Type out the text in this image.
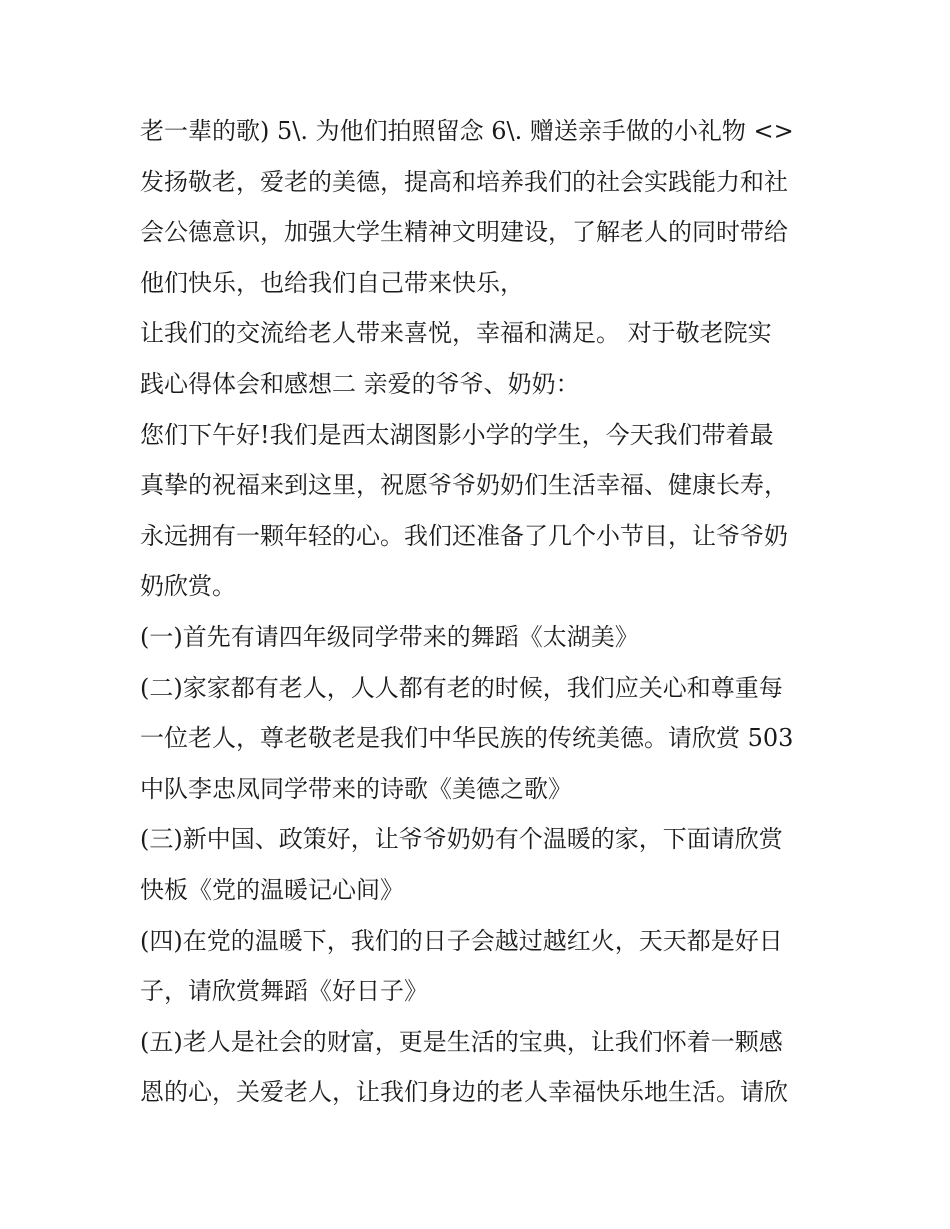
老一辈的歌) 5\. 为他们拍照留念 6\. 赠送亲手做的小礼物 <>
发扬敬老，爱老的美德，提高和培养我们的社会实践能力和社
会公德意识，加强大学生精神文明建设，了解老人的同时带给
他们快乐，也给我们自己带来快乐，
让我们的交流给老人带来喜悦，幸福和满足。 对于敬老院实
践心得体会和感想二 亲爱的爷爷、奶奶：
您们下午好!我们是西太湖图影小学的学生，今天我们带着最
真挚的祝福来到这里，祝愿爷爷奶奶们生活幸福、健康长寿，
永远拥有一颗年轻的心。我们还准备了几个小节目，让爷爷奶
奶欣赏。
(一)首先有请四年级同学带来的舞蹈《太湖美》
(二)家家都有老人，人人都有老的时候，我们应关心和尊重每
一位老人，尊老敬老是我们中华民族的传统美德。请欣赏 503
中队李忠凤同学带来的诗歌《美德之歌》
(三)新中国、政策好，让爷爷奶奶有个温暖的家，下面请欣赏
快板《党的温暖记心间》
(四)在党的温暖下，我们的日子会越过越红火，天天都是好日
子，请欣赏舞蹈《好日子》
(五)老人是社会的财富，更是生活的宝典，让我们怀着一颗感
恩的心，关爱老人，让我们身边的老人幸福快乐地生活。请欣
